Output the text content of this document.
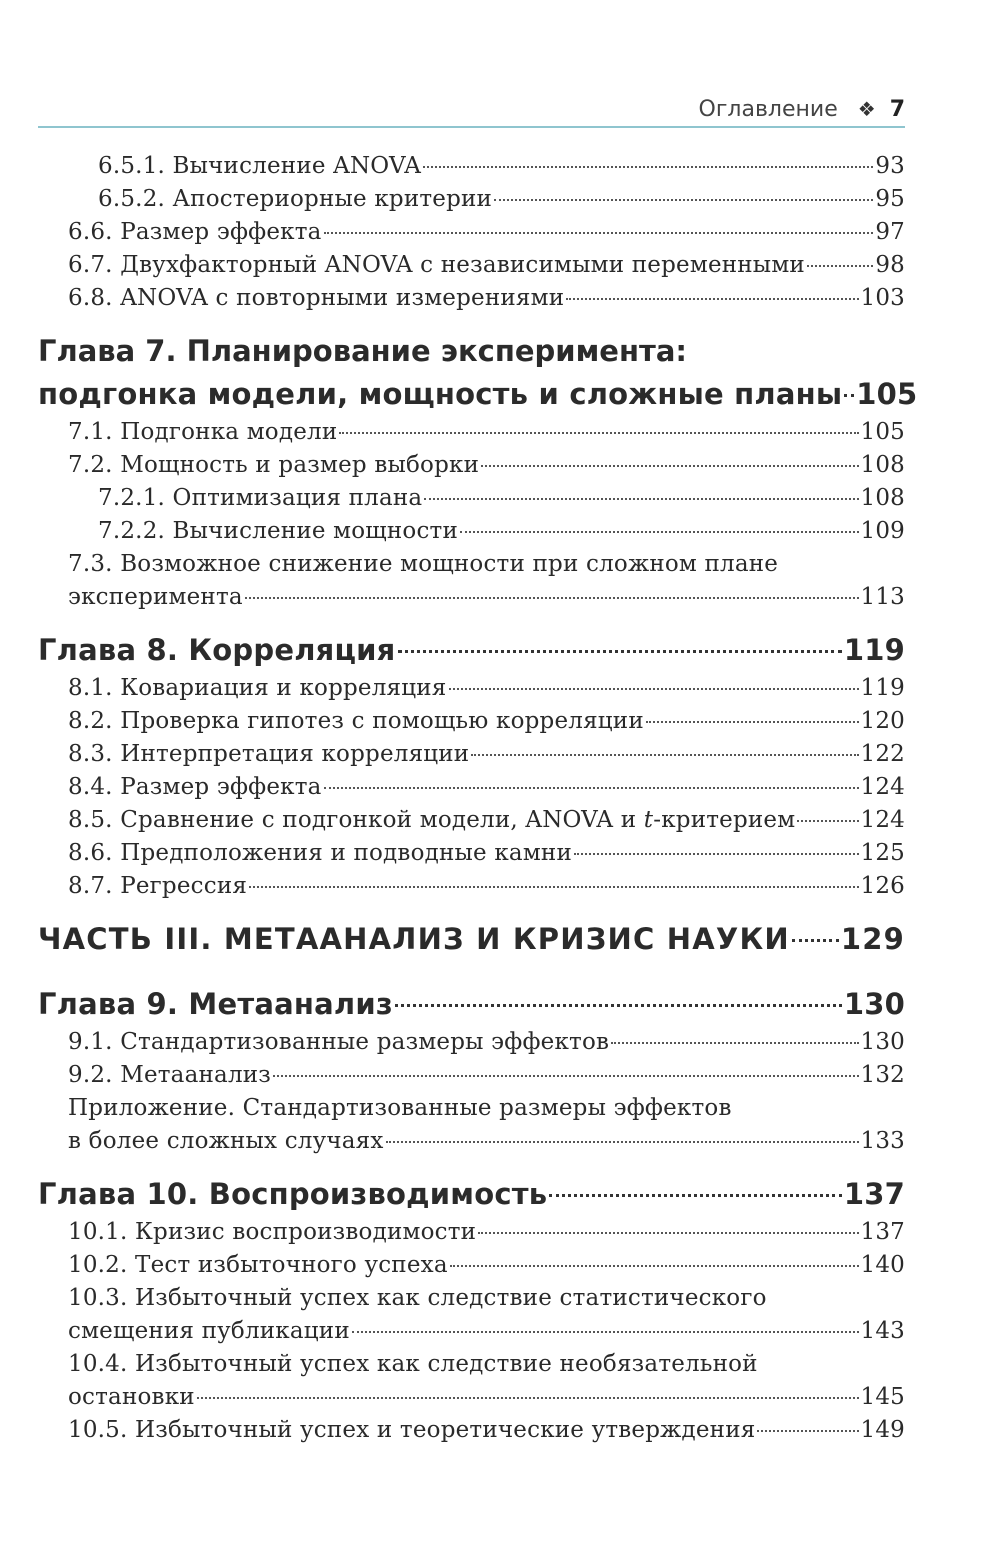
Оглавление ❖ 7
6.5.1. Вычисление ANOVA	93
6.5.2. Апостериорные критерии	95
6.6. Размер эффекта	97
6.7. Двухфакторный ANOVA с независимыми переменными	98
6.8. ANOVA с повторными измерениями	103
Глава 7. Планирование эксперимента:
подгонка модели, мощность и сложные планы 105
7.1. Подгонка модели	105
7.2. Мощность и размер выборки	108
7.2.1. Оптимизация плана	108
7.2.2. Вычисление мощности	109
7.3. Возможное снижение мощности при сложном плане
эксперимента	113
Глава 8. Корреляция	119
8.1. Ковариация и корреляция	119
8.2. Проверка гипотез с помощью корреляции	120
8.3. Интерпретация корреляции	122
8.4. Размер эффекта	124
8.5. Сравнение с подгонкой модели, ANOVA и t-критерием	124
8.6. Предположения и подводные камни	125
8.7. Регрессия	126
ЧАСТЬ III. МЕТААНАЛИЗ И КРИЗИС НАУКИ 129
Глава 9. Метаанализ	130
9.1. Стандартизованные размеры эффектов	130
9.2. Метаанализ	132
Приложение. Стандартизованные размеры эффектов
в более сложных случаях	133
Глава 10. Воспроизводимость	137
10.1. Кризис воспроизводимости	137
10.2. Тест избыточного успеха	140
10.3. Избыточный успех как следствие статистического
смещения публикации	143
10.4. Избыточный успех как следствие необязательной
остановки	145
10.5. Избыточный успех и теоретические утверждения	149
